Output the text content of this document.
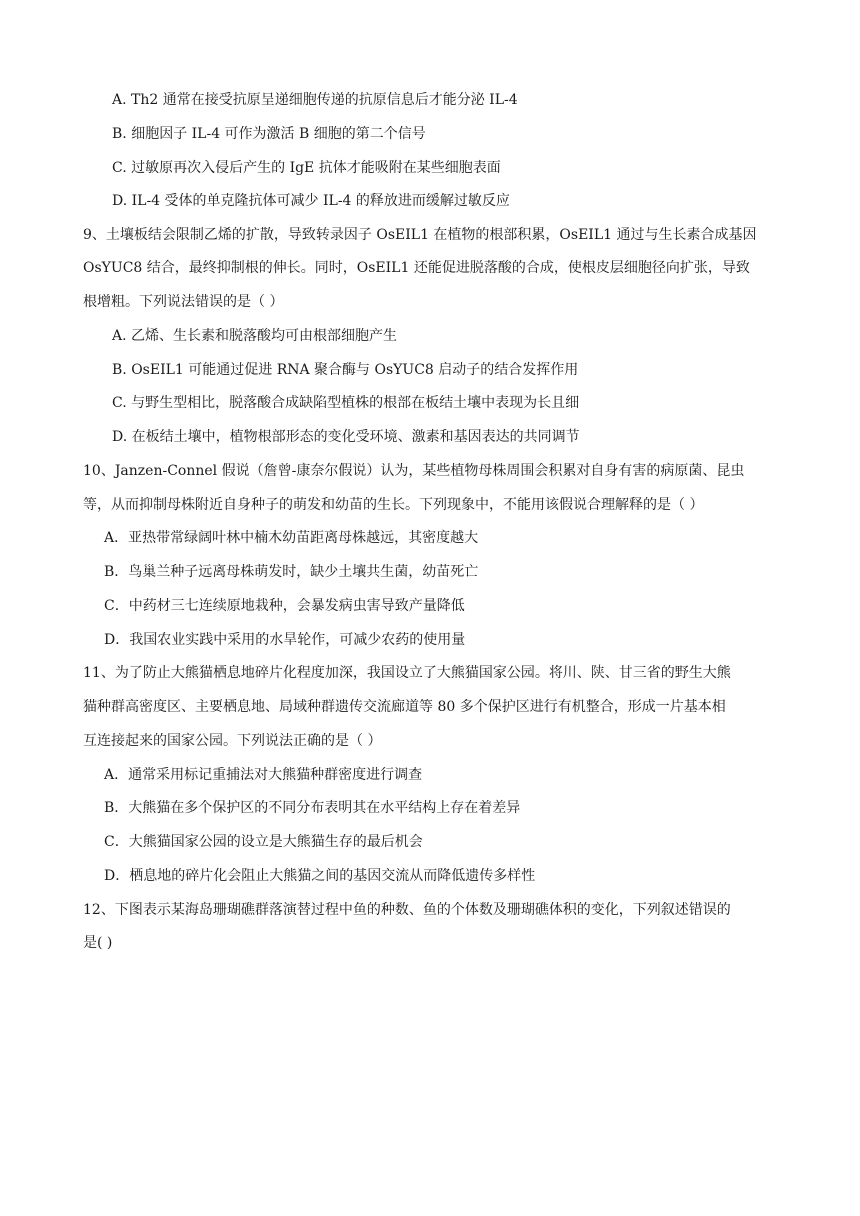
A. Th2 通常在接受抗原呈递细胞传递的抗原信息后才能分泌 IL-4
B. 细胞因子 IL-4 可作为激活 B 细胞的第二个信号
C. 过敏原再次入侵后产生的 IgE 抗体才能吸附在某些细胞表面
D. IL-4 受体的单克隆抗体可减少 IL-4 的释放进而缓解过敏反应
9、土壤板结会限制乙烯的扩散，导致转录因子 OsEIL1 在植物的根部积累，OsEIL1 通过与生长素合成基因
OsYUC8 结合，最终抑制根的伸长。同时，OsEIL1 还能促进脱落酸的合成，使根皮层细胞径向扩张，导致
根增粗。下列说法错误的是（ ）
A. 乙烯、生长素和脱落酸均可由根部细胞产生
B. OsEIL1 可能通过促进 RNA 聚合酶与 OsYUC8 启动子的结合发挥作用
C. 与野生型相比，脱落酸合成缺陷型植株的根部在板结土壤中表现为长且细
D. 在板结土壤中，植物根部形态的变化受环境、激素和基因表达的共同调节
10、Janzen-Connel 假说（詹曾-康奈尔假说）认为，某些植物母株周围会积累对自身有害的病原菌、昆虫
等，从而抑制母株附近自身种子的萌发和幼苗的生长。下列现象中，不能用该假说合理解释的是（ ）
A．亚热带常绿阔叶林中楠木幼苗距离母株越远，其密度越大
B．鸟巢兰种子远离母株萌发时，缺少土壤共生菌，幼苗死亡
C．中药材三七连续原地栽种，会暴发病虫害导致产量降低
D．我国农业实践中采用的水旱轮作，可减少农药的使用量
11、为了防止大熊猫栖息地碎片化程度加深，我国设立了大熊猫国家公园。将川、陕、甘三省的野生大熊
猫种群高密度区、主要栖息地、局域种群遗传交流廊道等 80 多个保护区进行有机整合，形成一片基本相
互连接起来的国家公园。下列说法正确的是（ ）
A．通常采用标记重捕法对大熊猫种群密度进行调查
B．大熊猫在多个保护区的不同分布表明其在水平结构上存在着差异
C．大熊猫国家公园的设立是大熊猫生存的最后机会
D．栖息地的碎片化会阻止大熊猫之间的基因交流从而降低遗传多样性
12、下图表示某海岛珊瑚礁群落演替过程中鱼的种数、鱼的个体数及珊瑚礁体积的变化，下列叙述错误的
是( )
